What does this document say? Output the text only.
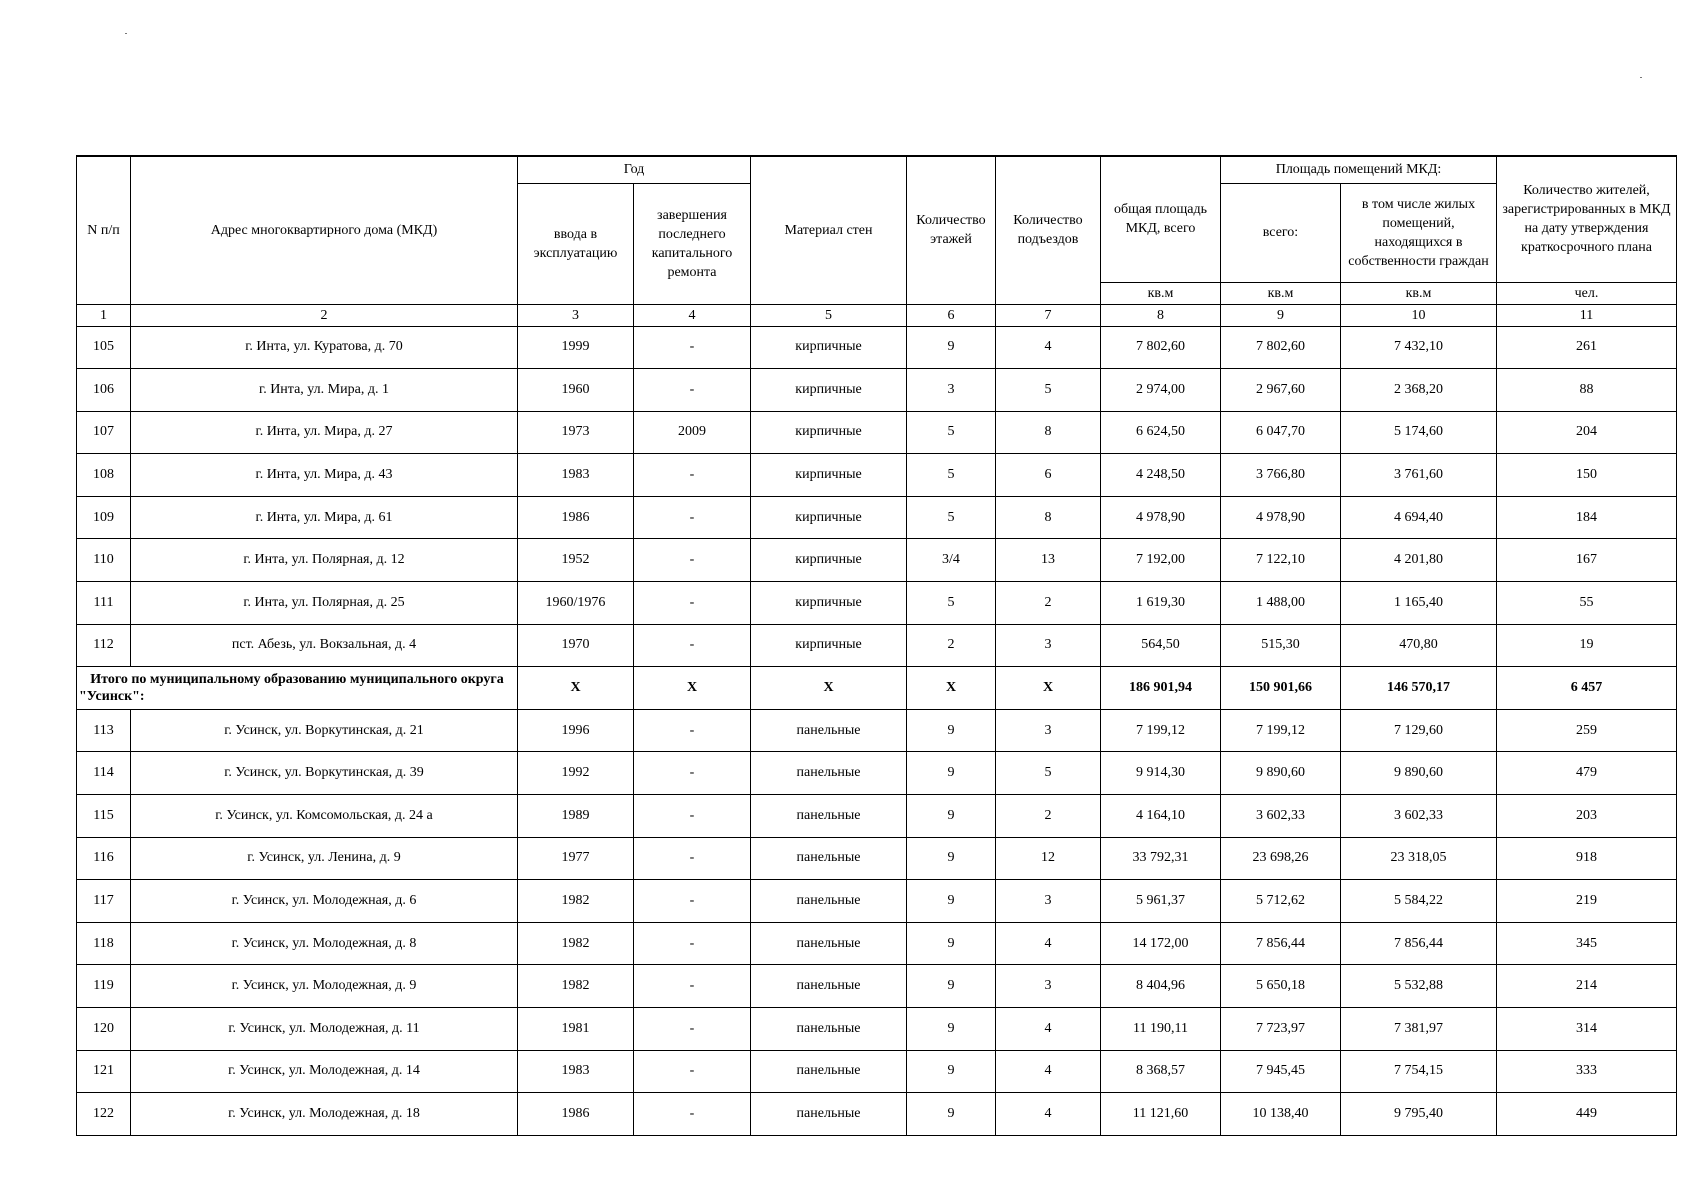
N п/п	Адрес многоквартирного дома (МКД)	Год		Материал стен	Количество этажей	Количество подъездов	общая площадь МКД, всего	Площадь помещений МКД:		Количество жителей, зарегистрированных в МКД на дату утверждения краткосрочного плана
		ввода в эксплуатацию	завершения последнего капитального ремонта					всего:	в том числе жилых помещений, находящихся в собственности граждан	
							кв.м	кв.м	кв.м	чел.
1	2	3	4	5	6	7	8	9	10	11
105	г. Инта, ул. Куратова, д. 70	1999	-	кирпичные	9	4	7 802,60	7 802,60	7 432,10	261
106	г. Инта, ул. Мира, д. 1	1960	-	кирпичные	3	5	2 974,00	2 967,60	2 368,20	88
107	г. Инта, ул. Мира, д. 27	1973	2009	кирпичные	5	8	6 624,50	6 047,70	5 174,60	204
108	г. Инта, ул. Мира, д. 43	1983	-	кирпичные	5	6	4 248,50	3 766,80	3 761,60	150
109	г. Инта, ул. Мира, д. 61	1986	-	кирпичные	5	8	4 978,90	4 978,90	4 694,40	184
110	г. Инта, ул. Полярная, д. 12	1952	-	кирпичные	3/4	13	7 192,00	7 122,10	4 201,80	167
111	г. Инта, ул. Полярная, д. 25	1960/1976	-	кирпичные	5	2	1 619,30	1 488,00	1 165,40	55
112	пст. Абезь, ул. Вокзальная, д. 4	1970	-	кирпичные	2	3	564,50	515,30	470,80	19
Итого по муниципальному образованию муниципального округа "Усинск":		X	X	X	X	X	186 901,94	150 901,66	146 570,17	6 457
113	г. Усинск, ул. Воркутинская, д. 21	1996	-	панельные	9	3	7 199,12	7 199,12	7 129,60	259
114	г. Усинск, ул. Воркутинская, д. 39	1992	-	панельные	9	5	9 914,30	9 890,60	9 890,60	479
115	г. Усинск, ул. Комсомольская, д. 24 а	1989	-	панельные	9	2	4 164,10	3 602,33	3 602,33	203
116	г. Усинск, ул. Ленина, д. 9	1977	-	панельные	9	12	33 792,31	23 698,26	23 318,05	918
117	г. Усинск, ул. Молодежная, д. 6	1982	-	панельные	9	3	5 961,37	5 712,62	5 584,22	219
118	г. Усинск, ул. Молодежная, д. 8	1982	-	панельные	9	4	14 172,00	7 856,44	7 856,44	345
119	г. Усинск, ул. Молодежная, д. 9	1982	-	панельные	9	3	8 404,96	5 650,18	5 532,88	214
120	г. Усинск, ул. Молодежная, д. 11	1981	-	панельные	9	4	11 190,11	7 723,97	7 381,97	314
121	г. Усинск, ул. Молодежная, д. 14	1983	-	панельные	9	4	8 368,57	7 945,45	7 754,15	333
122	г. Усинск, ул. Молодежная, д. 18	1986	-	панельные	9	4	11 121,60	10 138,40	9 795,40	449
